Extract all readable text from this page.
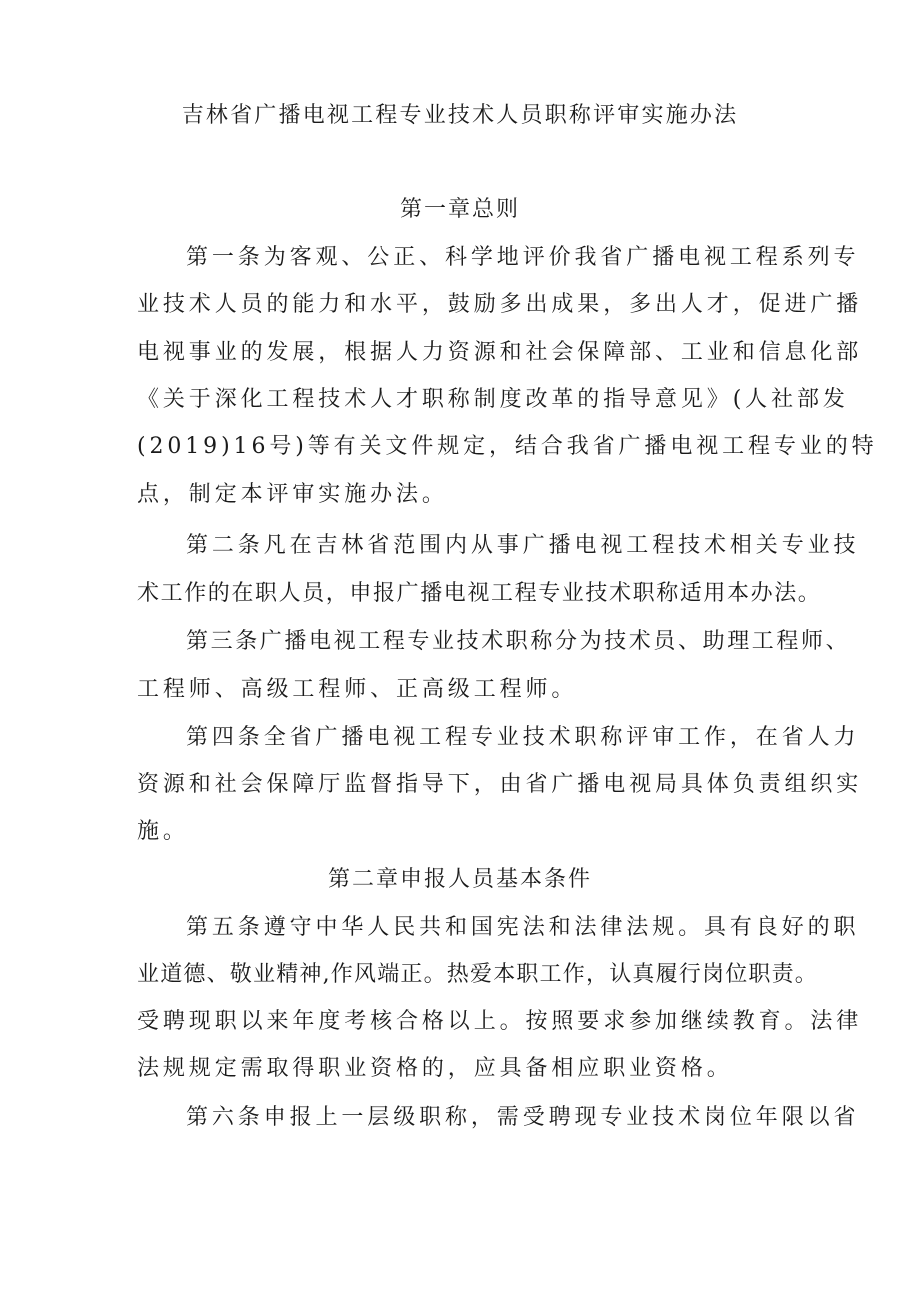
吉林省广播电视工程专业技术人员职称评审实施办法
第一章总则
第一条为客观、公正、科学地评价我省广播电视工程系列专
业技术人员的能力和水平，鼓励多出成果，多出人才，促进广播
电视事业的发展，根据人力资源和社会保障部、工业和信息化部
《关于深化工程技术人才职称制度改革的指导意见》(人社部发
(2019)16号)等有关文件规定，结合我省广播电视工程专业的特
点，制定本评审实施办法。
第二条凡在吉林省范围内从事广播电视工程技术相关专业技
术工作的在职人员，申报广播电视工程专业技术职称适用本办法。
第三条广播电视工程专业技术职称分为技术员、助理工程师、
工程师、高级工程师、正高级工程师。
第四条全省广播电视工程专业技术职称评审工作，在省人力
资源和社会保障厅监督指导下，由省广播电视局具体负责组织实
施。
第二章申报人员基本条件
第五条遵守中华人民共和国宪法和法律法规。具有良好的职
业道德、敬业精神,作风端正。热爱本职工作，认真履行岗位职责。
受聘现职以来年度考核合格以上。按照要求参加继续教育。法律
法规规定需取得职业资格的，应具备相应职业资格。
第六条申报上一层级职称，需受聘现专业技术岗位年限以省
